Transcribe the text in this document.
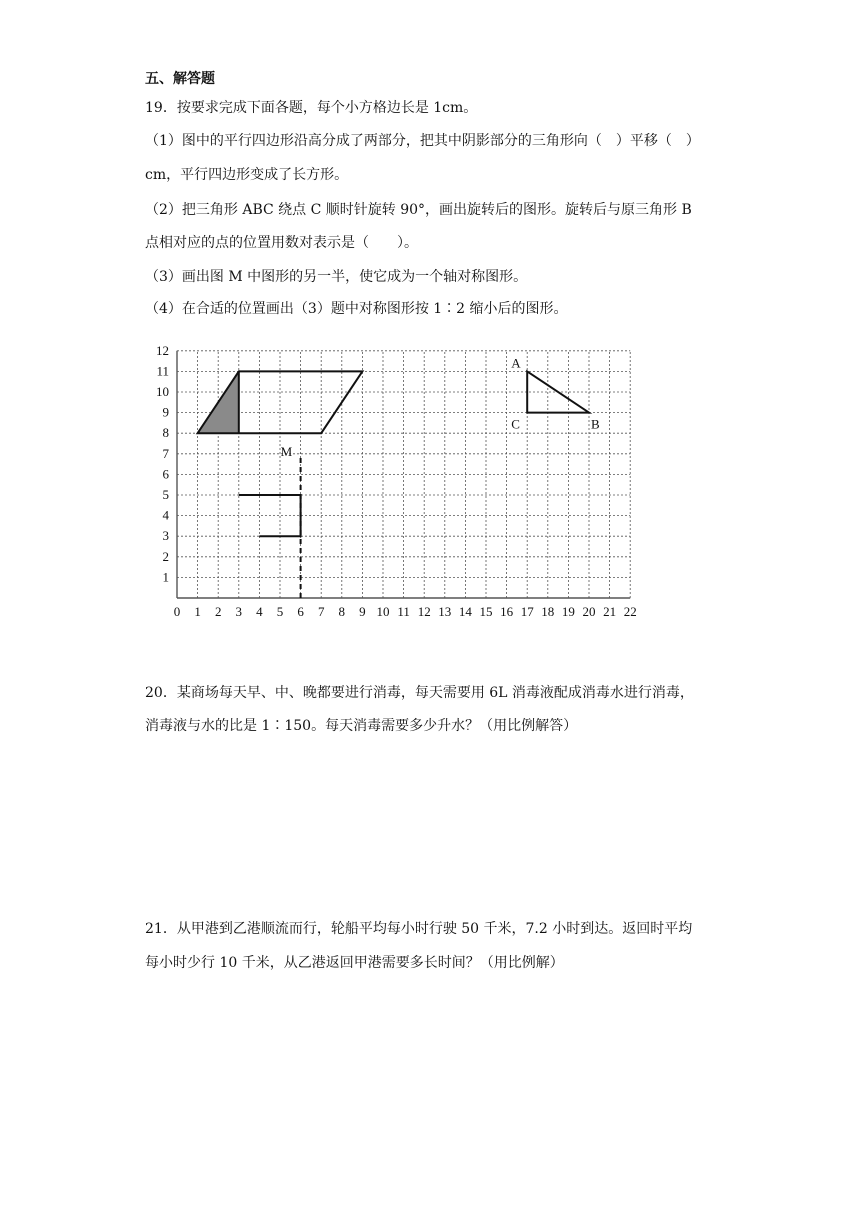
五、解答题
19．按要求完成下面各题，每个小方格边长是 1cm。
（1）图中的平行四边形沿高分成了两部分，把其中阴影部分的三角形向（　）平移（　）
cm，平行四边形变成了长方形。
（2）把三角形 ABC 绕点 C 顺时针旋转 90°，画出旋转后的图形。旋转后与原三角形 B
点相对应的点的位置用数对表示是（　　）。
（3）画出图 M 中图形的另一半，使它成为一个轴对称图形。
（4）在合适的位置画出（3）题中对称图形按 1∶2 缩小后的图形。
0 1 2 3 4 5 6 7 8 9 10 11 12 13 14 15 16 17 18 19 20 21 22
1
2
3
4
5
6
7
8
9
10
11
12
A
B
C
M
20．某商场每天早、中、晚都要进行消毒，每天需要用 6L 消毒液配成消毒水进行消毒，
消毒液与水的比是 1∶150。每天消毒需要多少升水？（用比例解答）
21．从甲港到乙港顺流而行，轮船平均每小时行驶 50 千米，7.2 小时到达。返回时平均
每小时少行 10 千米，从乙港返回甲港需要多长时间？（用比例解）
